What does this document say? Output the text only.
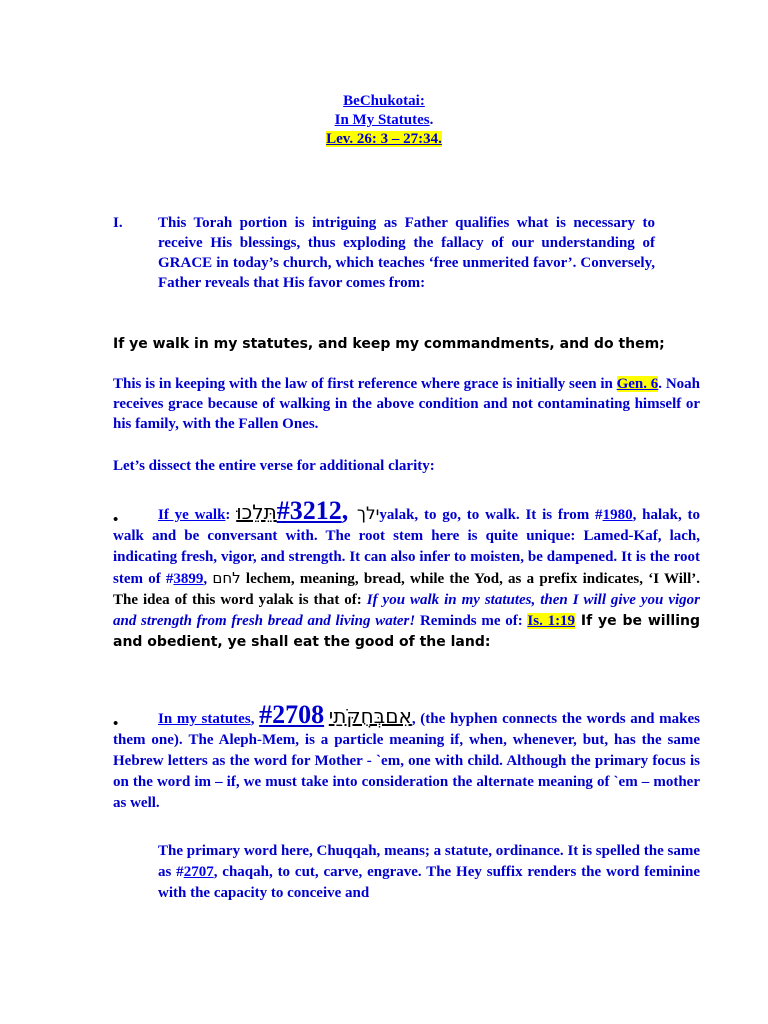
BeChukotai:
In My Statutes.
Lev. 26: 3 – 27:34.
I. This Torah portion is intriguing as Father qualifies what is necessary to receive His blessings, thus exploding the fallacy of our understanding of GRACE in today’s church, which teaches ‘free unmerited favor’. Conversely, Father reveals that His favor comes from:
If ye walk in my statutes, and keep my commandments, and do them;
This is in keeping with the law of first reference where grace is initially seen in Gen. 6. Noah receives grace because of walking in the above condition and not contaminating himself or his family, with the Fallen Ones.
Let’s dissect the entire verse for additional clarity:
•	If ye walk:	ילך ,#3212תֵּלֵכוּ	yalak, to go, to walk. It is from #1980, halak, to walk and be conversant with. The root stem here is quite unique: Lamed-Kaf, lach, indicating fresh, vigor, and strength. It can also infer to moisten, be dampened. It is the root stem of #3899, לחם lechem, meaning, bread, while the Yod, as a prefix indicates, ‘I Will’. The idea of this word yalak is that of: If you walk in my statutes, then I will give you vigor and strength from fresh bread and living water! Reminds me of: Is. 1:19 If ye be willing and obedient, ye shall eat the good of the land:
•	In my statutes, #2708 אִםבְּחֻקֹּתַי, (the hyphen connects the words and makes them one). The Aleph-Mem, is a particle meaning if, when, whenever, but, has the same Hebrew letters as the word for Mother - `em, one with child. Although the primary focus is on the word im – if, we must take into consideration the alternate meaning of `em – mother as well.
The primary word here, Chuqqah, means; a statute, ordinance. It is spelled the same as #2707, chaqah, to cut, carve, engrave. The Hey suffix renders the word feminine with the capacity to conceive and
